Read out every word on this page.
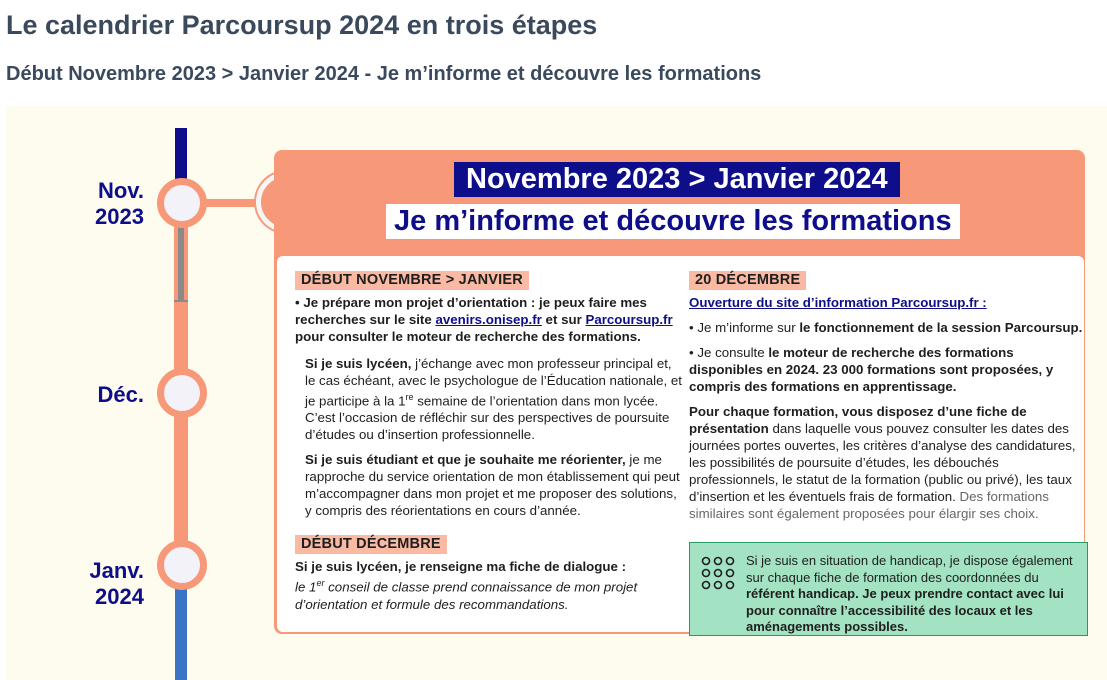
Le calendrier Parcoursup 2024 en trois étapes
Début Novembre 2023 > Janvier 2024 - Je m’informe et découvre les formations
Nov.
2023
Déc.
Janv.
2024
Novembre 2023 > Janvier 2024
Je m’informe et découvre les formations
DÉBUT NOVEMBRE > JANVIER

• Je prépare mon projet d’orientation : je peux faire mes recherches sur le site avenirs.onisep.fr et sur Parcoursup.fr pour consulter le moteur de recherche des formations.

Si je suis lycéen, j’échange avec mon professeur principal et, le cas échéant, avec le psychologue de l’Éducation nationale, et je participe à la 1re semaine de l’orientation dans mon lycée. C’est l’occasion de réfléchir sur des perspectives de poursuite d’études ou d’insertion professionnelle.

Si je suis étudiant et que je souhaite me réorienter, je me rapproche du service orientation de mon établissement qui peut m’accompagner dans mon projet et me proposer des solutions, y compris des réorientations en cours d’année.

DÉBUT DÉCEMBRE

Si je suis lycéen, je renseigne ma fiche de dialogue :

le 1er conseil de classe prend connaissance de mon projet d’orientation et formule des recommandations.

20 DÉCEMBRE

Ouverture du site d’information Parcoursup.fr :

• Je m’informe sur le fonctionnement de la session Parcoursup.

• Je consulte le moteur de recherche des formations disponibles en 2024. 23 000 formations sont proposées, y compris des formations en apprentissage.

Pour chaque formation, vous disposez d’une fiche de présentation dans laquelle vous pouvez consulter les dates des journées portes ouvertes, les critères d’analyse des candidatures, les possibilités de poursuite d’études, les débouchés professionnels, le statut de la formation (public ou privé), les taux d’insertion et les éventuels frais de formation. Des formations similaires sont également proposées pour élargir ses choix.

Si je suis en situation de handicap, je dispose également sur chaque fiche de formation des coordonnées du référent handicap. Je peux prendre contact avec lui pour connaître l’accessibilité des locaux et les aménagements possibles.
